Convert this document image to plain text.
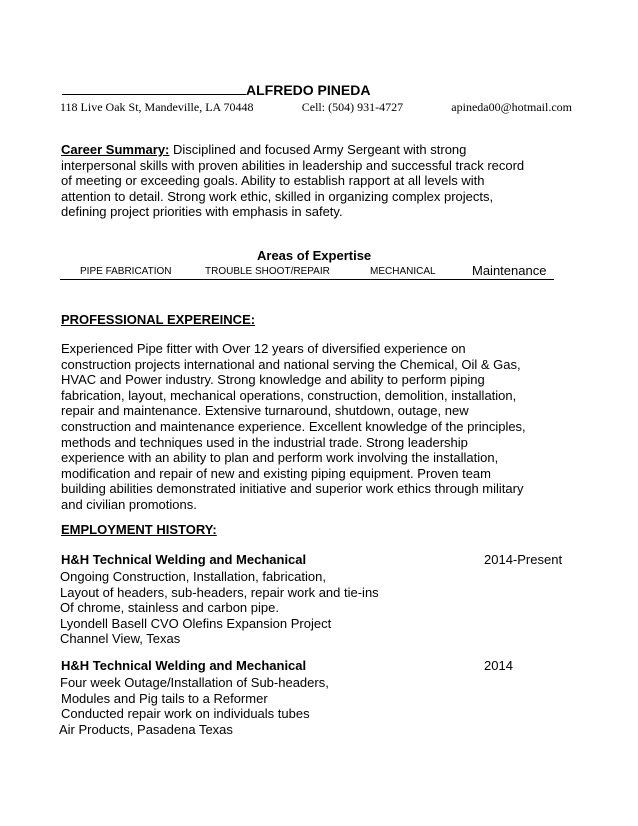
ALFREDO PINEDA
118 Live Oak St, Mandeville, LA 70448	Cell: (504) 931-4727	apineda00@hotmail.com
Career Summary: Disciplined and focused Army Sergeant with strong
interpersonal skills with proven abilities in leadership and successful track record
of meeting or exceeding goals. Ability to establish rapport at all levels with
attention to detail. Strong work ethic, skilled in organizing complex projects,
defining project priorities with emphasis in safety.
Areas of Expertise
PIPE FABRICATION	TROUBLE SHOOT/REPAIR	MECHANICAL	Maintenance
PROFESSIONAL EXPEREINCE:
Experienced Pipe fitter with Over 12 years of diversified experience on
construction projects international and national serving the Chemical, Oil & Gas,
HVAC and Power industry. Strong knowledge and ability to perform piping
fabrication, layout, mechanical operations, construction, demolition, installation,
repair and maintenance. Extensive turnaround, shutdown, outage, new
construction and maintenance experience. Excellent knowledge of the principles,
methods and techniques used in the industrial trade. Strong leadership
experience with an ability to plan and perform work involving the installation,
modification and repair of new and existing piping equipment. Proven team
building abilities demonstrated initiative and superior work ethics through military
and civilian promotions.
EMPLOYMENT HISTORY:
H&H Technical Welding and Mechanical	2014-Present
Ongoing Construction, Installation, fabrication,
Layout of headers, sub-headers, repair work and tie-ins
Of chrome, stainless and carbon pipe.
Lyondell Basell CVO Olefins Expansion Project
Channel View, Texas
H&H Technical Welding and Mechanical	2014
Four week Outage/Installation of Sub-headers,
Modules and Pig tails to a Reformer
Conducted repair work on individuals tubes
Air Products, Pasadena Texas
